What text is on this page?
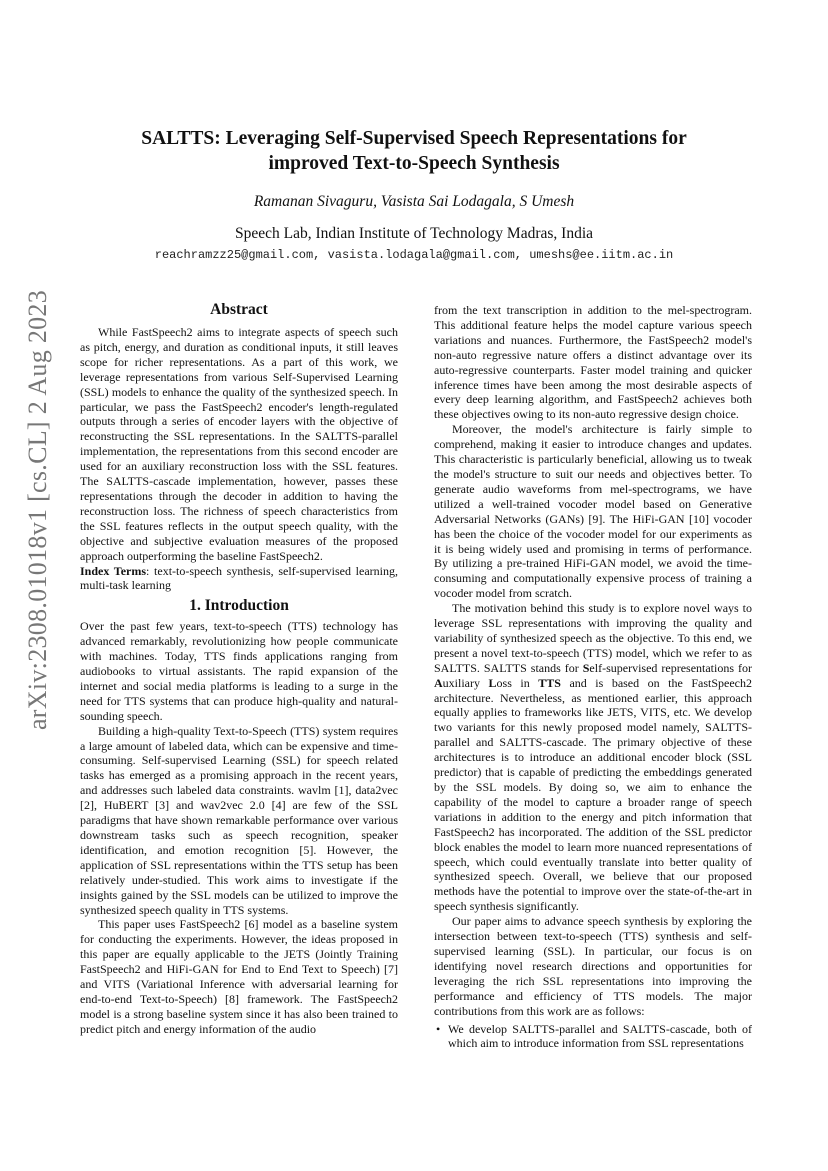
arXiv:2308.01018v1 [cs.CL] 2 Aug 2023
SALTTS: Leveraging Self-Supervised Speech Representations for
improved Text-to-Speech Synthesis
Ramanan Sivaguru, Vasista Sai Lodagala, S Umesh
Speech Lab, Indian Institute of Technology Madras, India
reachramzz25@gmail.com, vasista.lodagala@gmail.com, umeshs@ee.iitm.ac.in
Abstract

While FastSpeech2 aims to integrate aspects of speech such as pitch, energy, and duration as conditional inputs, it still leaves scope for richer representations. As a part of this work, we leverage representations from various Self-Supervised Learning (SSL) models to enhance the quality of the synthesized speech. In particular, we pass the FastSpeech2 encoder's length-regulated outputs through a series of encoder layers with the objective of reconstructing the SSL representations. In the SALTTS-parallel implementation, the representations from this second encoder are used for an auxiliary reconstruction loss with the SSL features. The SALTTS-cascade implementation, however, passes these representations through the decoder in addition to having the reconstruction loss. The richness of speech characteristics from the SSL features reflects in the output speech quality, with the objective and subjective evaluation measures of the proposed approach outperforming the baseline FastSpeech2.

Index Terms: text-to-speech synthesis, self-supervised learning, multi-task learning

1. Introduction

Over the past few years, text-to-speech (TTS) technology has advanced remarkably, revolutionizing how people communicate with machines. Today, TTS finds applications ranging from audiobooks to virtual assistants. The rapid expansion of the internet and social media platforms is leading to a surge in the need for TTS systems that can produce high-quality and natural-sounding speech.

Building a high-quality Text-to-Speech (TTS) system requires a large amount of labeled data, which can be expensive and time-consuming. Self-supervised Learning (SSL) for speech related tasks has emerged as a promising approach in the recent years, and addresses such labeled data constraints. wavlm [1], data2vec [2], HuBERT [3] and wav2vec 2.0 [4] are few of the SSL paradigms that have shown remarkable performance over various downstream tasks such as speech recognition, speaker identification, and emotion recognition [5]. However, the application of SSL representations within the TTS setup has been relatively under-studied. This work aims to investigate if the insights gained by the SSL models can be utilized to improve the synthesized speech quality in TTS systems.

This paper uses FastSpeech2 [6] model as a baseline system for conducting the experiments. However, the ideas proposed in this paper are equally applicable to the JETS (Jointly Training FastSpeech2 and HiFi-GAN for End to End Text to Speech) [7] and VITS (Variational Inference with adversarial learning for end-to-end Text-to-Speech) [8] framework. The FastSpeech2 model is a strong baseline system since it has also been trained to predict pitch and energy information of the audio

from the text transcription in addition to the mel-spectrogram. This additional feature helps the model capture various speech variations and nuances. Furthermore, the FastSpeech2 model's non-auto regressive nature offers a distinct advantage over its auto-regressive counterparts. Faster model training and quicker inference times have been among the most desirable aspects of every deep learning algorithm, and FastSpeech2 achieves both these objectives owing to its non-auto regressive design choice.

Moreover, the model's architecture is fairly simple to comprehend, making it easier to introduce changes and updates. This characteristic is particularly beneficial, allowing us to tweak the model's structure to suit our needs and objectives better. To generate audio waveforms from mel-spectrograms, we have utilized a well-trained vocoder model based on Generative Adversarial Networks (GANs) [9]. The HiFi-GAN [10] vocoder has been the choice of the vocoder model for our experiments as it is being widely used and promising in terms of performance. By utilizing a pre-trained HiFi-GAN model, we avoid the time-consuming and computationally expensive process of training a vocoder model from scratch.

The motivation behind this study is to explore novel ways to leverage SSL representations with improving the quality and variability of synthesized speech as the objective. To this end, we present a novel text-to-speech (TTS) model, which we refer to as SALTTS. SALTTS stands for Self-supervised representations for Auxiliary Loss in TTS and is based on the FastSpeech2 architecture. Nevertheless, as mentioned earlier, this approach equally applies to frameworks like JETS, VITS, etc. We develop two variants for this newly proposed model namely, SALTTS-parallel and SALTTS-cascade. The primary objective of these architectures is to introduce an additional encoder block (SSL predictor) that is capable of predicting the embeddings generated by the SSL models. By doing so, we aim to enhance the capability of the model to capture a broader range of speech variations in addition to the energy and pitch information that FastSpeech2 has incorporated. The addition of the SSL predictor block enables the model to learn more nuanced representations of speech, which could eventually translate into better quality of synthesized speech. Overall, we believe that our proposed methods have the potential to improve over the state-of-the-art in speech synthesis significantly.

Our paper aims to advance speech synthesis by exploring the intersection between text-to-speech (TTS) synthesis and self-supervised learning (SSL). In particular, our focus is on identifying novel research directions and opportunities for leveraging the rich SSL representations into improving the performance and efficiency of TTS models. The major contributions from this work are as follows:

• We develop SALTTS-parallel and SALTTS-cascade, both of which aim to introduce information from SSL representations
